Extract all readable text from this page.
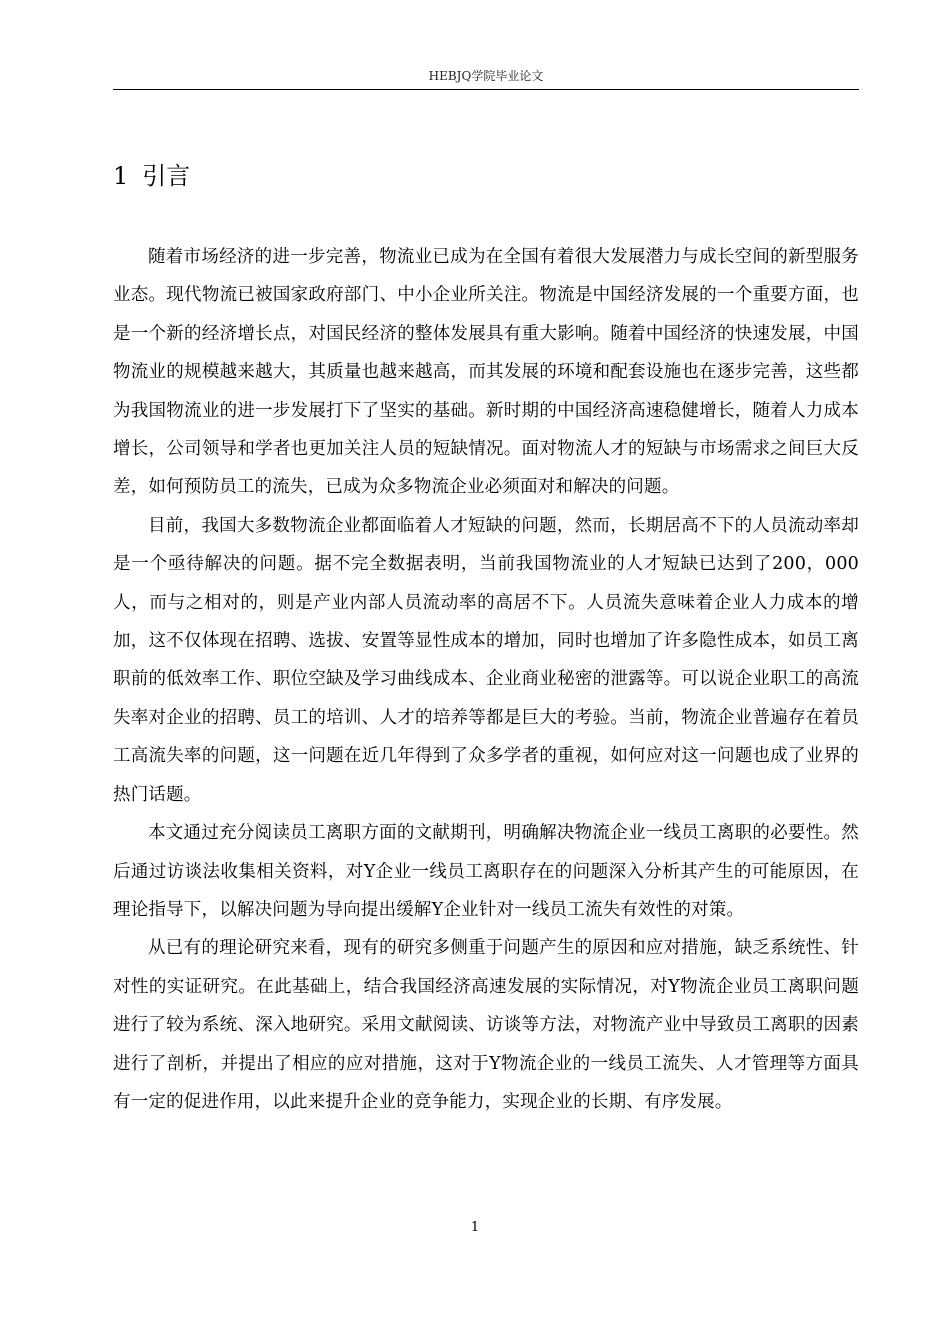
HEBJQ学院毕业论文
1 引言

随着市场经济的进一步完善，物流业已成为在全国有着很大发展潜力与成长空间的新型服务业态。现代物流已被国家政府部门、中小企业所关注。物流是中国经济发展的一个重要方面，也是一个新的经济增长点，对国民经济的整体发展具有重大影响。随着中国经济的快速发展，中国物流业的规模越来越大，其质量也越来越高，而其发展的环境和配套设施也在逐步完善，这些都为我国物流业的进一步发展打下了坚实的基础。新时期的中国经济高速稳健增长，随着人力成本增长，公司领导和学者也更加关注人员的短缺情况。面对物流人才的短缺与市场需求之间巨大反差，如何预防员工的流失，已成为众多物流企业必须面对和解决的问题。

目前，我国大多数物流企业都面临着人才短缺的问题，然而，长期居高不下的人员流动率却是一个亟待解决的问题。据不完全数据表明，当前我国物流业的人才短缺已达到了200，000人，而与之相对的，则是产业内部人员流动率的高居不下。人员流失意味着企业人力成本的增加，这不仅体现在招聘、选拔、安置等显性成本的增加，同时也增加了许多隐性成本，如员工离职前的低效率工作、职位空缺及学习曲线成本、企业商业秘密的泄露等。可以说企业职工的高流失率对企业的招聘、员工的培训、人才的培养等都是巨大的考验。当前，物流企业普遍存在着员工高流失率的问题，这一问题在近几年得到了众多学者的重视，如何应对这一问题也成了业界的热门话题。

本文通过充分阅读员工离职方面的文献期刊，明确解决物流企业一线员工离职的必要性。然后通过访谈法收集相关资料，对Y企业一线员工离职存在的问题深入分析其产生的可能原因，在理论指导下，以解决问题为导向提出缓解Y企业针对一线员工流失有效性的对策。

从已有的理论研究来看，现有的研究多侧重于问题产生的原因和应对措施，缺乏系统性、针对性的实证研究。在此基础上，结合我国经济高速发展的实际情况，对Y物流企业员工离职问题进行了较为系统、深入地研究。采用文献阅读、访谈等方法，对物流产业中导致员工离职的因素进行了剖析，并提出了相应的应对措施，这对于Y物流企业的一线员工流失、人才管理等方面具有一定的促进作用，以此来提升企业的竞争能力，实现企业的长期、有序发展。

1
